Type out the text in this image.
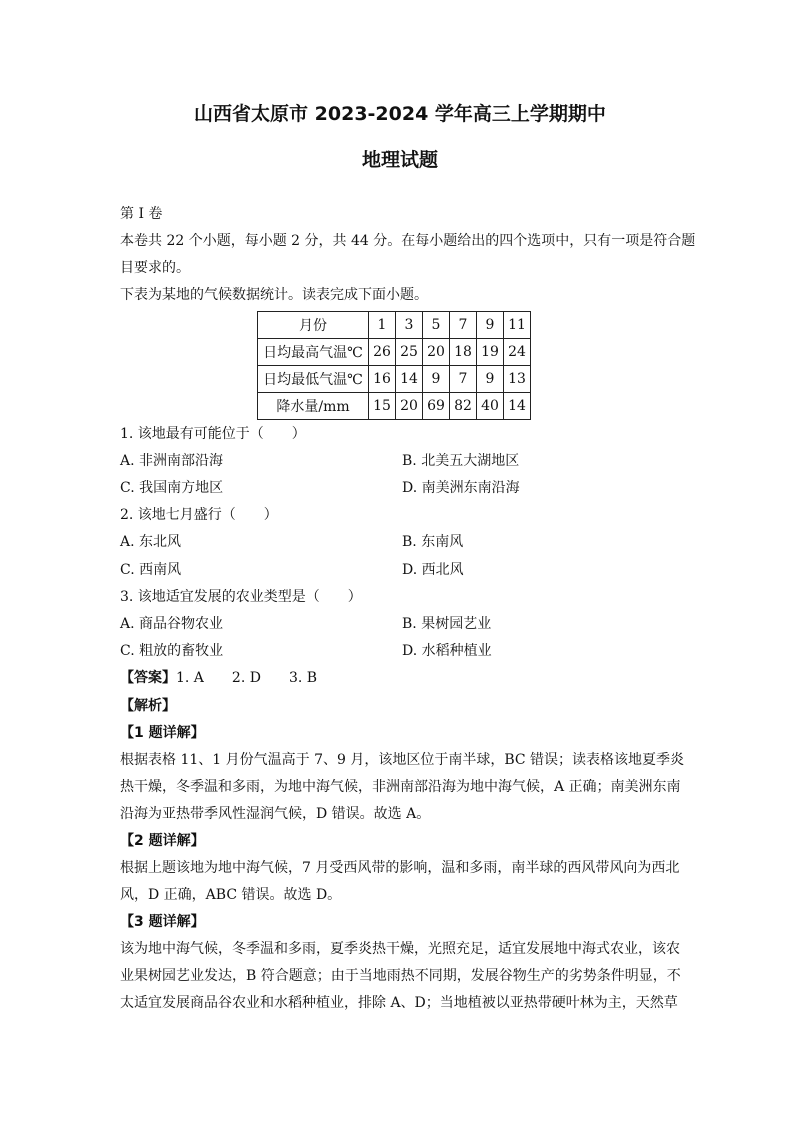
山西省太原市 2023-2024 学年高三上学期期中
地理试题
第 I 卷
本卷共 22 个小题，每小题 2 分，共 44 分。在每小题给出的四个选项中，只有一项是符合题
目要求的。
下表为某地的气候数据统计。读表完成下面小题。
月份	1	3	5	7	9	11
日均最高气温℃	26	25	20	18	19	24
日均最低气温℃	16	14	9	7	9	13
降水量/mm	15	20	69	82	40	14
1. 该地最有可能位于（　　）
A. 非洲南部沿海	B. 北美五大湖地区
C. 我国南方地区	D. 南美洲东南沿海
2. 该地七月盛行（　　）
A. 东北风	B. 东南风
C. 西南风	D. 西北风
3. 该地适宜发展的农业类型是（　　）
A. 商品谷物农业	B. 果树园艺业
C. 粗放的畜牧业	D. 水稻种植业
【答案】1. A　　2. D　　3. B
【解析】
【1 题详解】
根据表格 11、1 月份气温高于 7、9 月，该地区位于南半球，BC 错误；读表格该地夏季炎
热干燥，冬季温和多雨，为地中海气候，非洲南部沿海为地中海气候，A 正确；南美洲东南
沿海为亚热带季风性湿润气候，D 错误。故选 A。
【2 题详解】
根据上题该地为地中海气候，7 月受西风带的影响，温和多雨，南半球的西风带风向为西北
风，D 正确，ABC 错误。故选 D。
【3 题详解】
该为地中海气候，冬季温和多雨，夏季炎热干燥，光照充足，适宜发展地中海式农业，该农
业果树园艺业发达，B 符合题意；由于当地雨热不同期，发展谷物生产的劣势条件明显，不
太适宜发展商品谷农业和水稻种植业，排除 A、D；当地植被以亚热带硬叶林为主，天然草
